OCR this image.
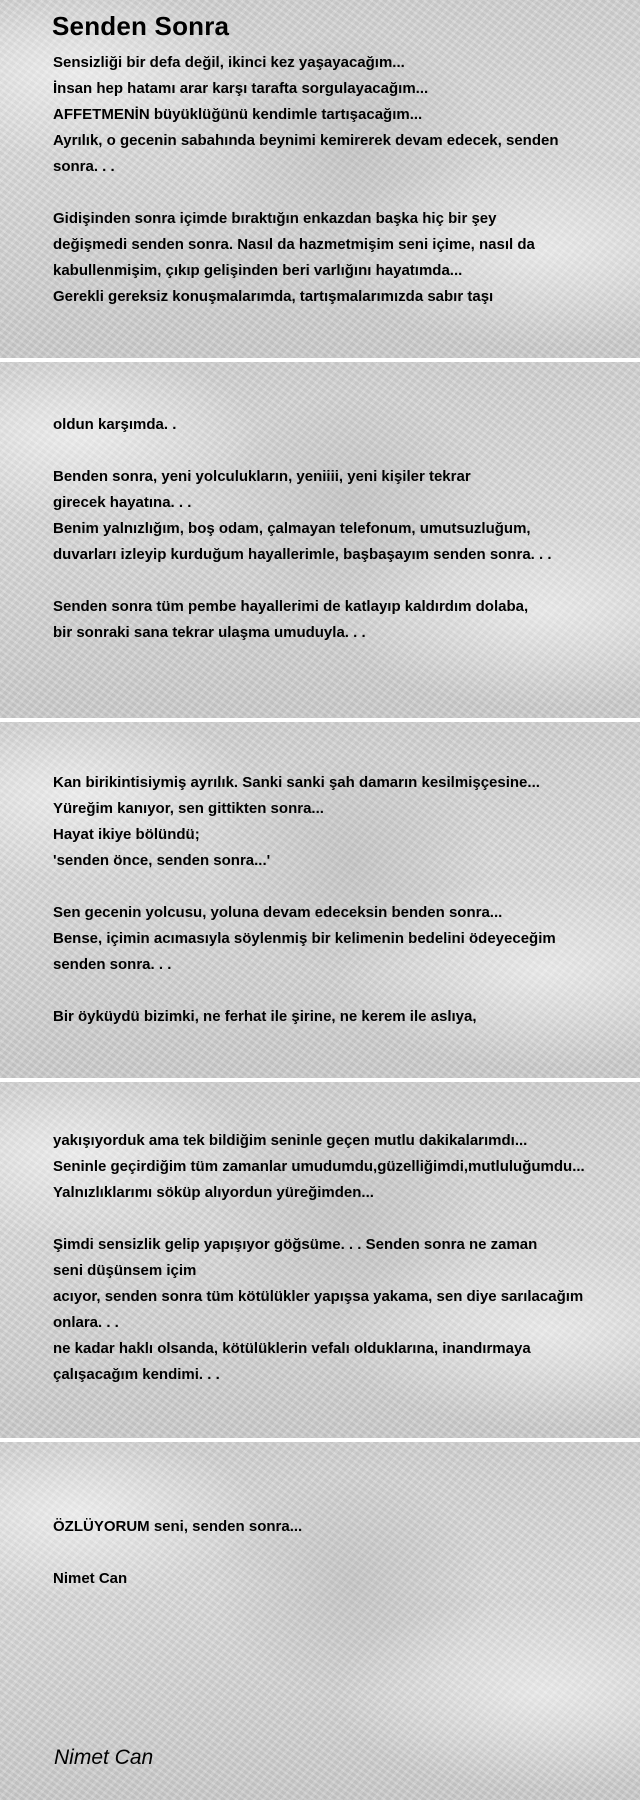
Senden Sonra
Sensizliği bir defa değil, ikinci kez yaşayacağım...
İnsan hep hatamı arar karşı tarafta sorgulayacağım...
AFFETMENİN büyüklüğünü kendimle tartışacağım...
Ayrılık, o gecenin sabahında beynimi kemirerek devam edecek, senden
sonra. . .
Gidişinden sonra içimde bıraktığın enkazdan başka hiç bir şey
değişmedi senden sonra. Nasıl da hazmetmişim seni içime, nasıl da
kabullenmişim, çıkıp gelişinden beri varlığını hayatımda...
Gerekli gereksiz konuşmalarımda, tartışmalarımızda sabır taşı
oldun karşımda. .
Benden sonra, yeni yolculukların, yeniiii, yeni kişiler tekrar
girecek hayatına. . .
Benim yalnızlığım, boş odam, çalmayan telefonum, umutsuzluğum,
duvarları izleyip kurduğum hayallerimle, başbaşayım senden sonra. . .
Senden sonra tüm pembe hayallerimi de katlayıp kaldırdım dolaba,
bir sonraki sana tekrar ulaşma umuduyla. . .
Kan birikintisiymiş ayrılık. Sanki sanki şah damarın kesilmişçesine...
Yüreğim kanıyor, sen gittikten sonra...
Hayat ikiye bölündü;
'senden önce, senden sonra...'
Sen gecenin yolcusu, yoluna devam edeceksin benden sonra...
Bense, içimin acımasıyla söylenmiş bir kelimenin bedelini ödeyeceğim
senden sonra. . .
Bir öyküydü bizimki, ne ferhat ile şirine, ne kerem ile aslıya,
yakışıyorduk ama tek bildiğim seninle geçen mutlu dakikalarımdı...
Seninle geçirdiğim tüm zamanlar umudumdu,güzelliğimdi,mutluluğumdu...
Yalnızlıklarımı söküp alıyordun yüreğimden...
Şimdi sensizlik gelip yapışıyor göğsüme. . . Senden sonra ne zaman
seni düşünsem içim
acıyor, senden sonra tüm kötülükler yapışsa yakama, sen diye sarılacağım
onlara. . .
ne kadar haklı olsanda, kötülüklerin vefalı olduklarına, inandırmaya
çalışacağım kendimi. . .
ÖZLÜYORUM seni, senden sonra...
Nimet Can

Nimet Can
